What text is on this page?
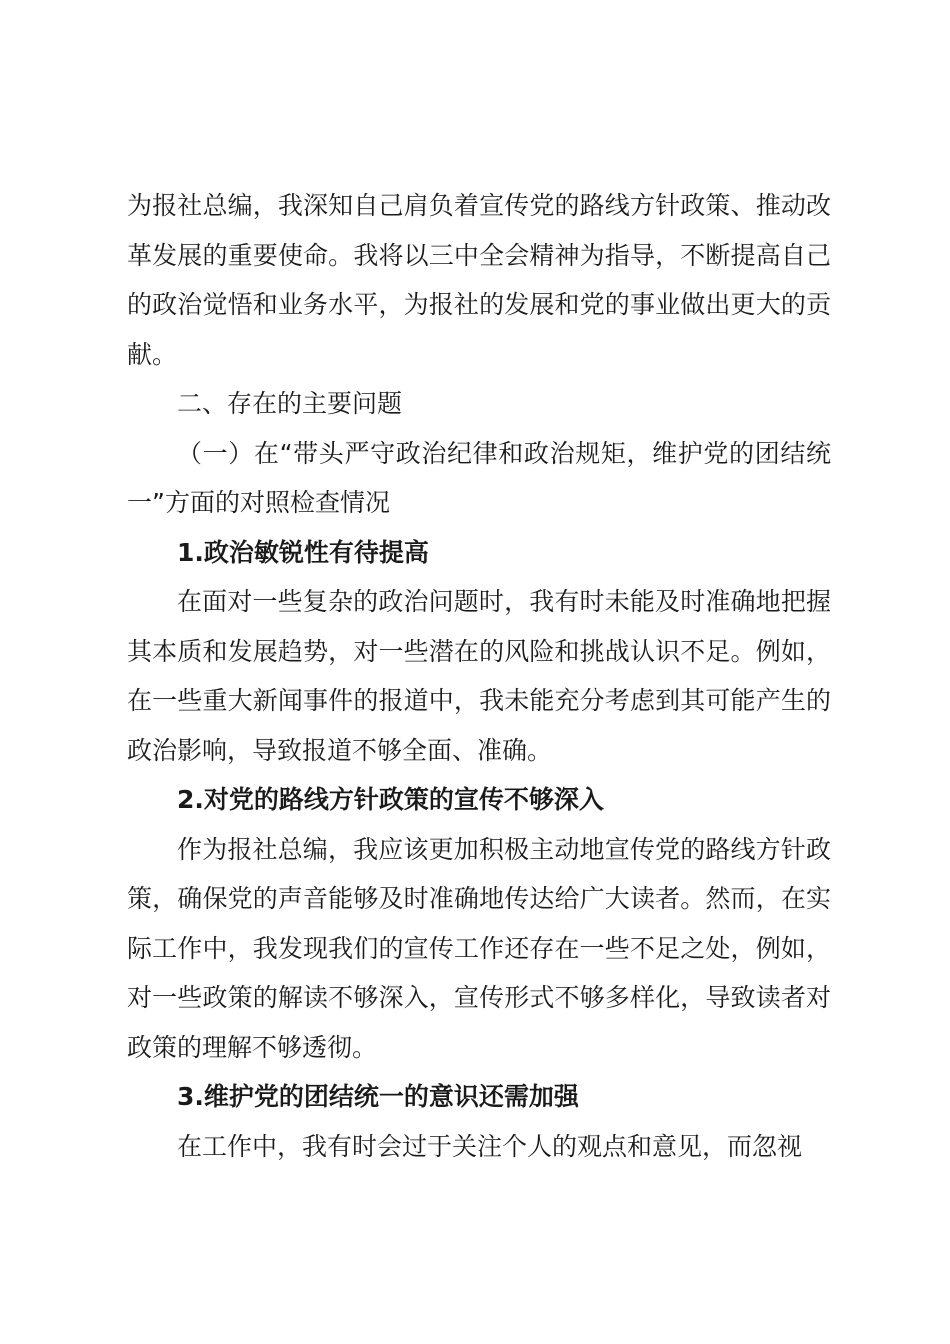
为报社总编，我深知自己肩负着宣传党的路线方针政策、推动改革发展的重要使命。我将以三中全会精神为指导，不断提高自己的政治觉悟和业务水平，为报社的发展和党的事业做出更大的贡献。

二、存在的主要问题

（一）在“带头严守政治纪律和政治规矩，维护党的团结统一”方面的对照检查情况

1.政治敏锐性有待提高

在面对一些复杂的政治问题时，我有时未能及时准确地把握其本质和发展趋势，对一些潜在的风险和挑战认识不足。例如，在一些重大新闻事件的报道中，我未能充分考虑到其可能产生的政治影响，导致报道不够全面、准确。

2.对党的路线方针政策的宣传不够深入

作为报社总编，我应该更加积极主动地宣传党的路线方针政策，确保党的声音能够及时准确地传达给广大读者。然而，在实际工作中，我发现我们的宣传工作还存在一些不足之处，例如，对一些政策的解读不够深入，宣传形式不够多样化，导致读者对政策的理解不够透彻。

3.维护党的团结统一的意识还需加强

在工作中，我有时会过于关注个人的观点和意见，而忽视
